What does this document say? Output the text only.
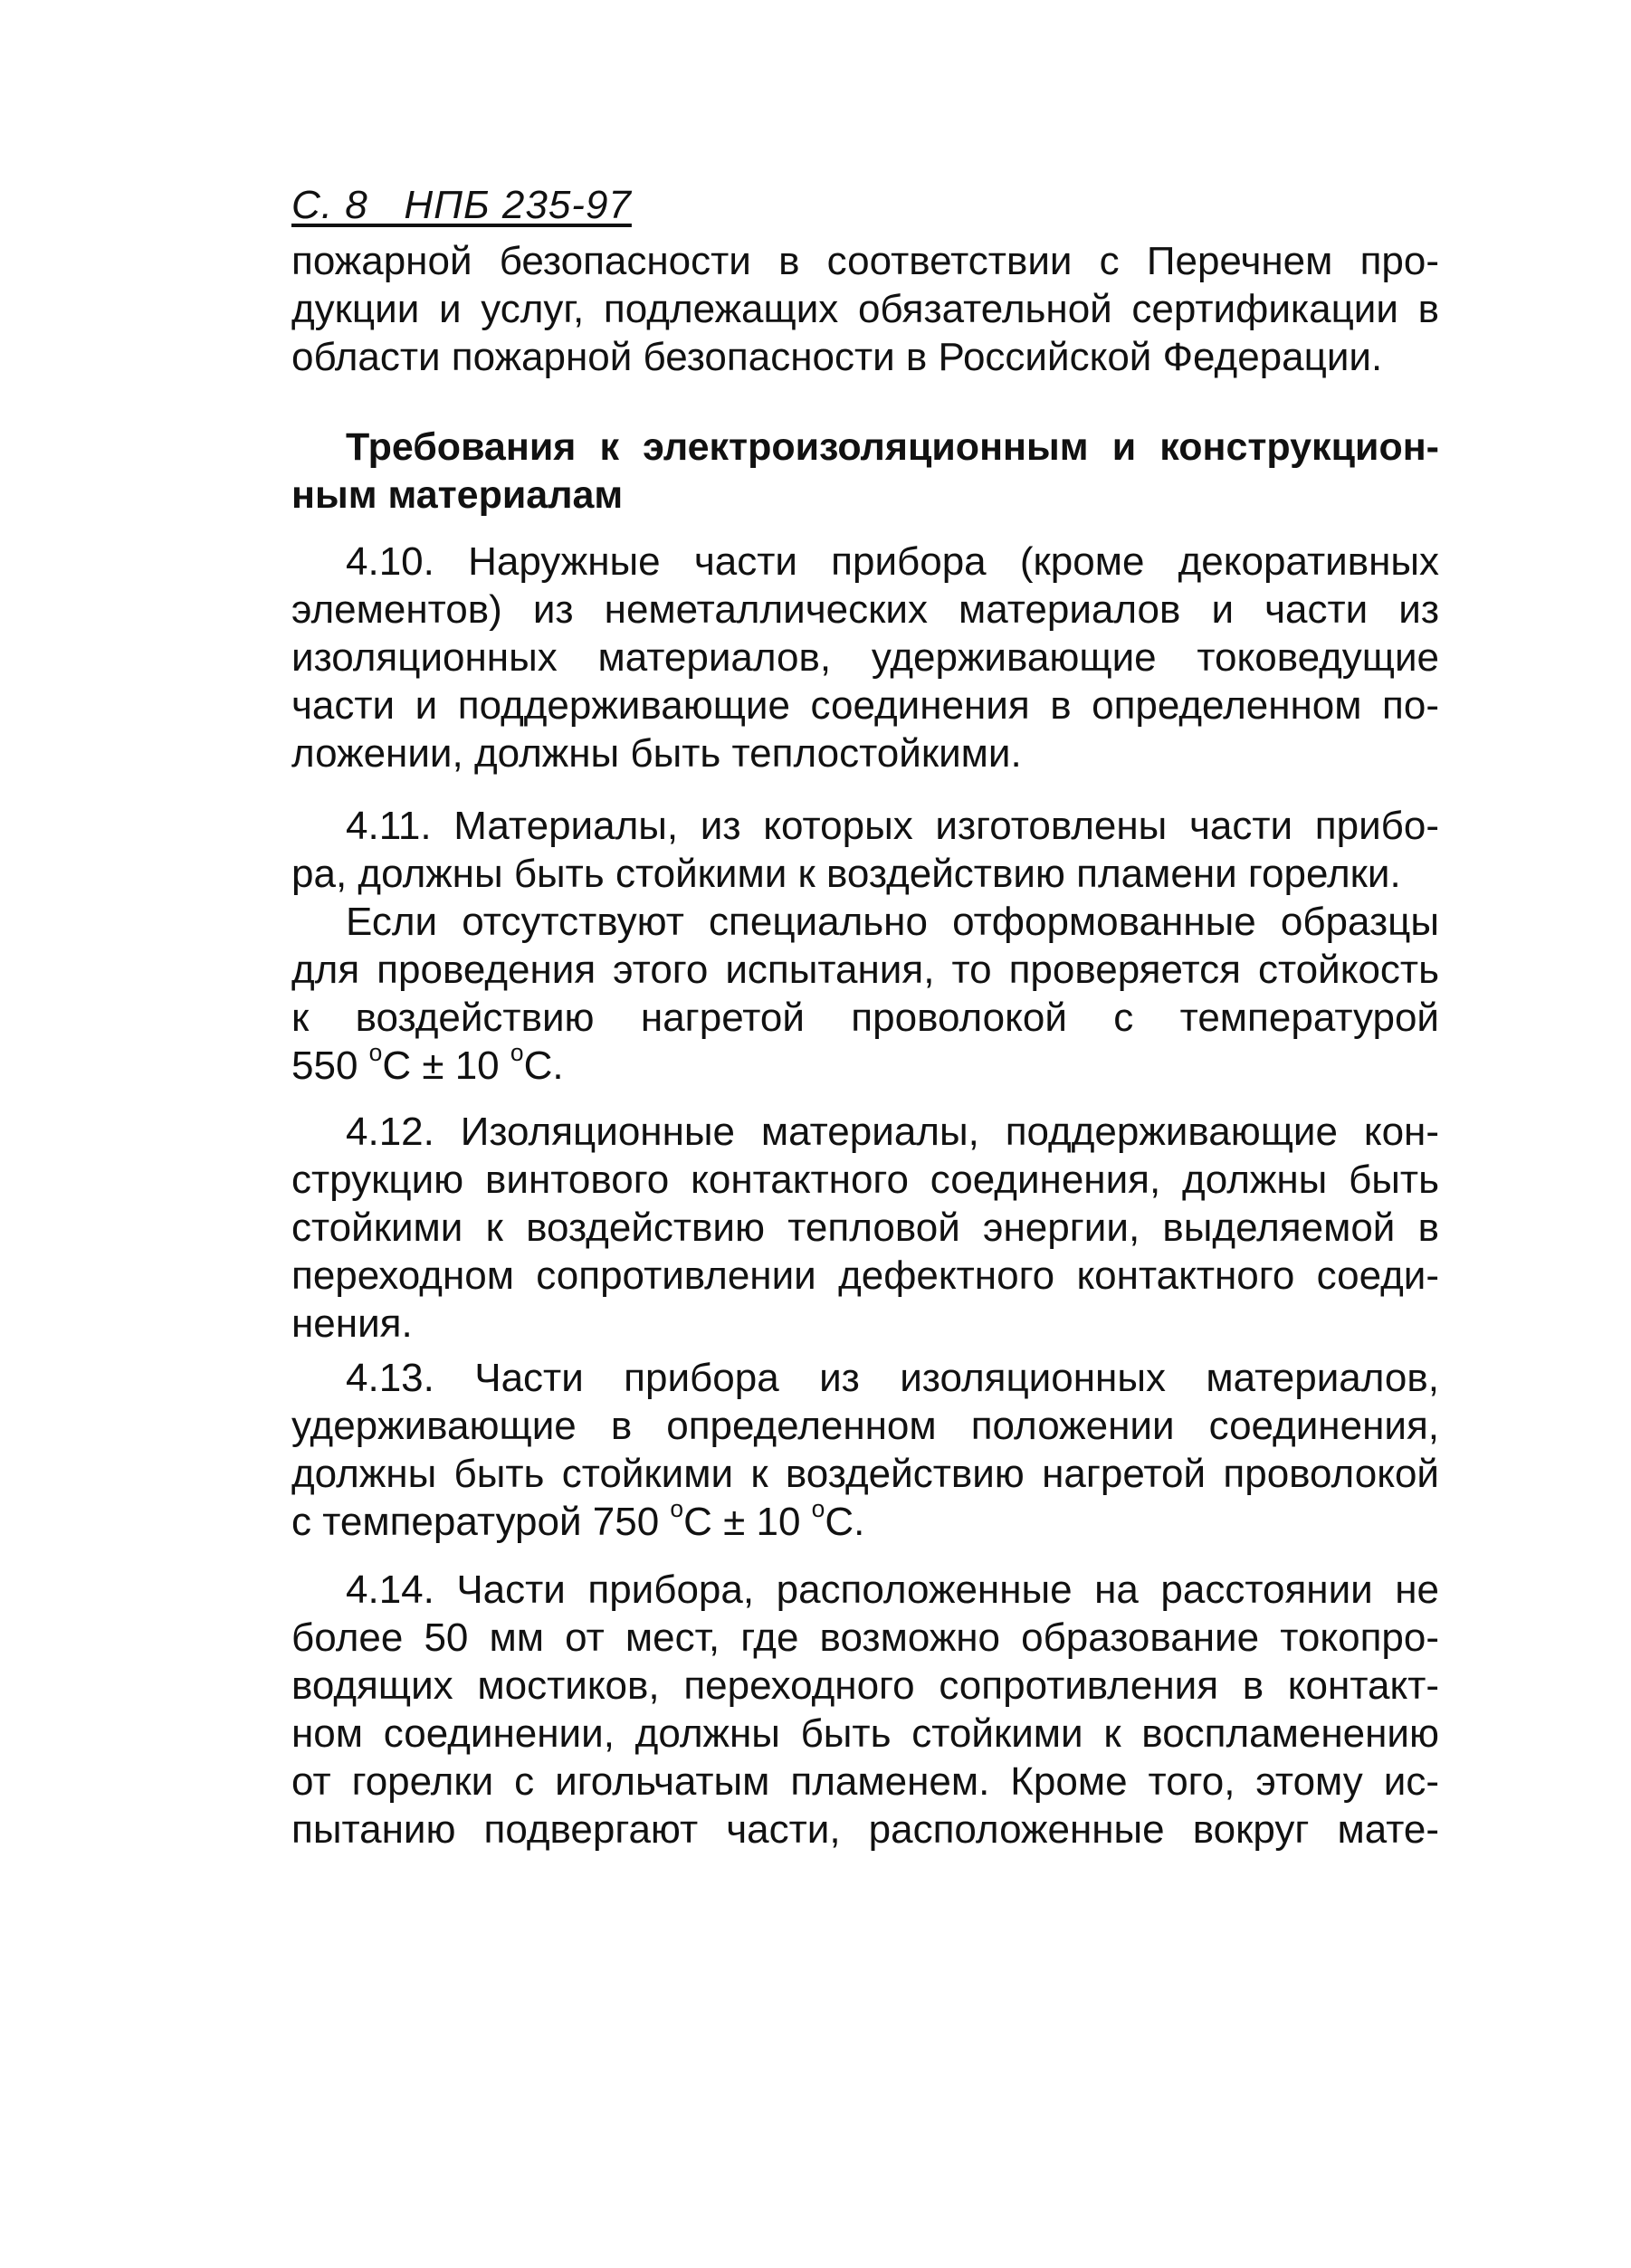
С. 8   НПБ 235-97

пожарной безопасности в соответствии с Перечнем про-
дукции и услуг, подлежащих обязательной сертификации в
области пожарной безопасности в Российской Федерации.

Требования к электроизоляционным и конструкцион-
ным материалам

4.10. Наружные части прибора (кроме декоративных
элементов) из неметаллических материалов и части из
изоляционных материалов, удерживающие токоведущие
части и поддерживающие соединения в определенном по-
ложении, должны быть теплостойкими.

4.11. Материалы, из которых изготовлены части прибо-
ра, должны быть стойкими к воздействию пламени горелки.

Если отсутствуют специально отформованные образцы
для проведения этого испытания, то проверяется стойкость
к воздействию нагретой проволокой с температурой
550 $^o$C ± 10 $^o$C.

4.12. Изоляционные материалы, поддерживающие кон-
струкцию винтового контактного соединения, должны быть
стойкими к воздействию тепловой энергии, выделяемой в
переходном сопротивлении дефектного контактного соеди-
нения.

4.13. Части прибора из изоляционных материалов,
удерживающие в определенном положении соединения,
должны быть стойкими к воздействию нагретой проволокой
с температурой 750 $^o$C ± 10 $^o$C.

4.14. Части прибора, расположенные на расстоянии не
более 50 мм от мест, где возможно образование токопро-
водящих мостиков, переходного сопротивления в контакт-
ном соединении, должны быть стойкими к воспламенению
от горелки с игольчатым пламенем. Кроме того, этому ис-
пытанию подвергают части, расположенные вокруг мате-
